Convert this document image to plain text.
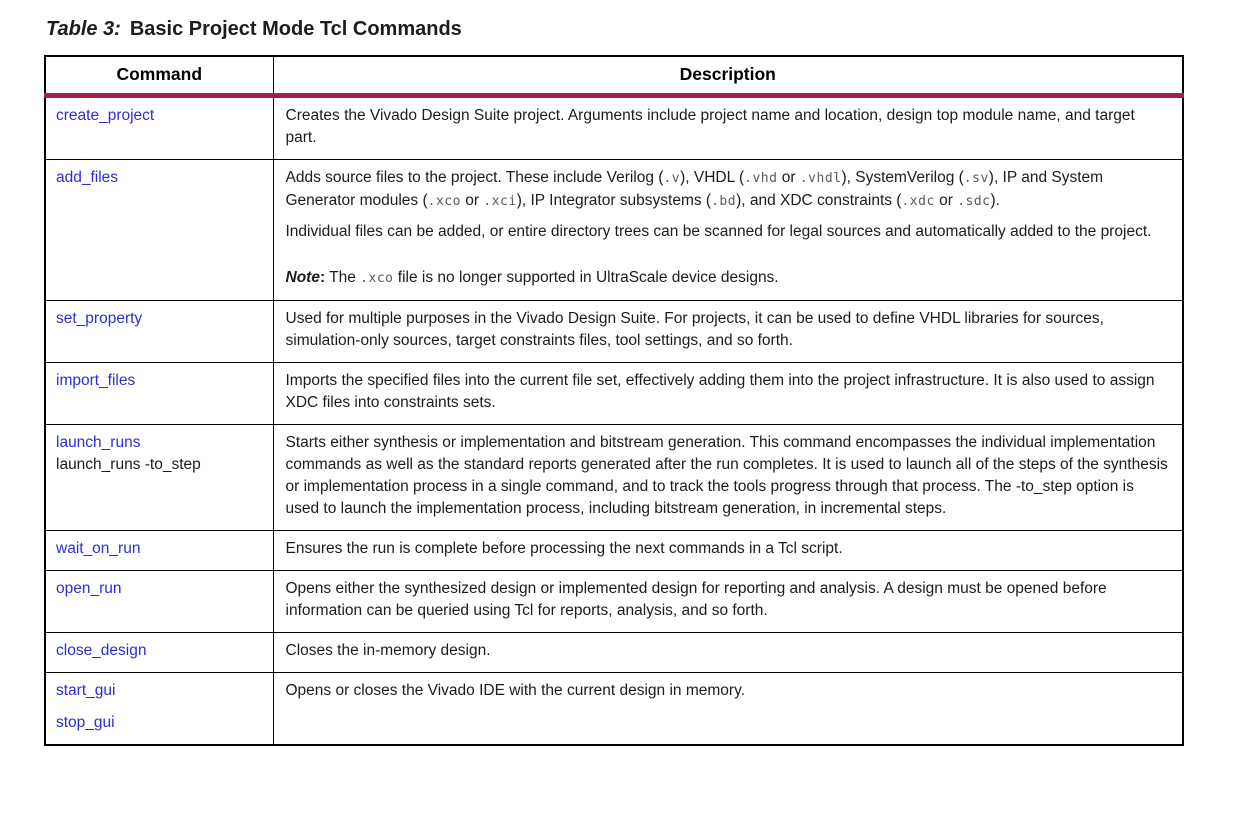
Table 3: Basic Project Mode Tcl Commands
Command	Description

create_project	Creates the Vivado Design Suite project. Arguments include project name and location, design top module name, and target part.

add_files	Adds source files to the project. These include Verilog (.v), VHDL (.vhd or .vhdl), SystemVerilog (.sv), IP and System Generator modules (.xco or .xci), IP Integrator subsystems (.bd), and XDC constraints (.xdc or .sdc).

Individual files can be added, or entire directory trees can be scanned for legal sources and automatically added to the project.

Note: The .xco file is no longer supported in UltraScale device designs.

set_property	Used for multiple purposes in the Vivado Design Suite. For projects, it can be used to define VHDL libraries for sources, simulation-only sources, target constraints files, tool settings, and so forth.

import_files	Imports the specified files into the current file set, effectively adding them into the project infrastructure. It is also used to assign XDC files into constraints sets.

launch_runs
launch_runs -to_step	Starts either synthesis or implementation and bitstream generation. This command encompasses the individual implementation commands as well as the standard reports generated after the run completes. It is used to launch all of the steps of the synthesis or implementation process in a single command, and to track the tools progress through that process. The -to_step option is used to launch the implementation process, including bitstream generation, in incremental steps.

wait_on_run	Ensures the run is complete before processing the next commands in a Tcl script.

open_run	Opens either the synthesized design or implemented design for reporting and analysis. A design must be opened before information can be queried using Tcl for reports, analysis, and so forth.

close_design	Closes the in-memory design.

start_gui
stop_gui	Opens or closes the Vivado IDE with the current design in memory.
